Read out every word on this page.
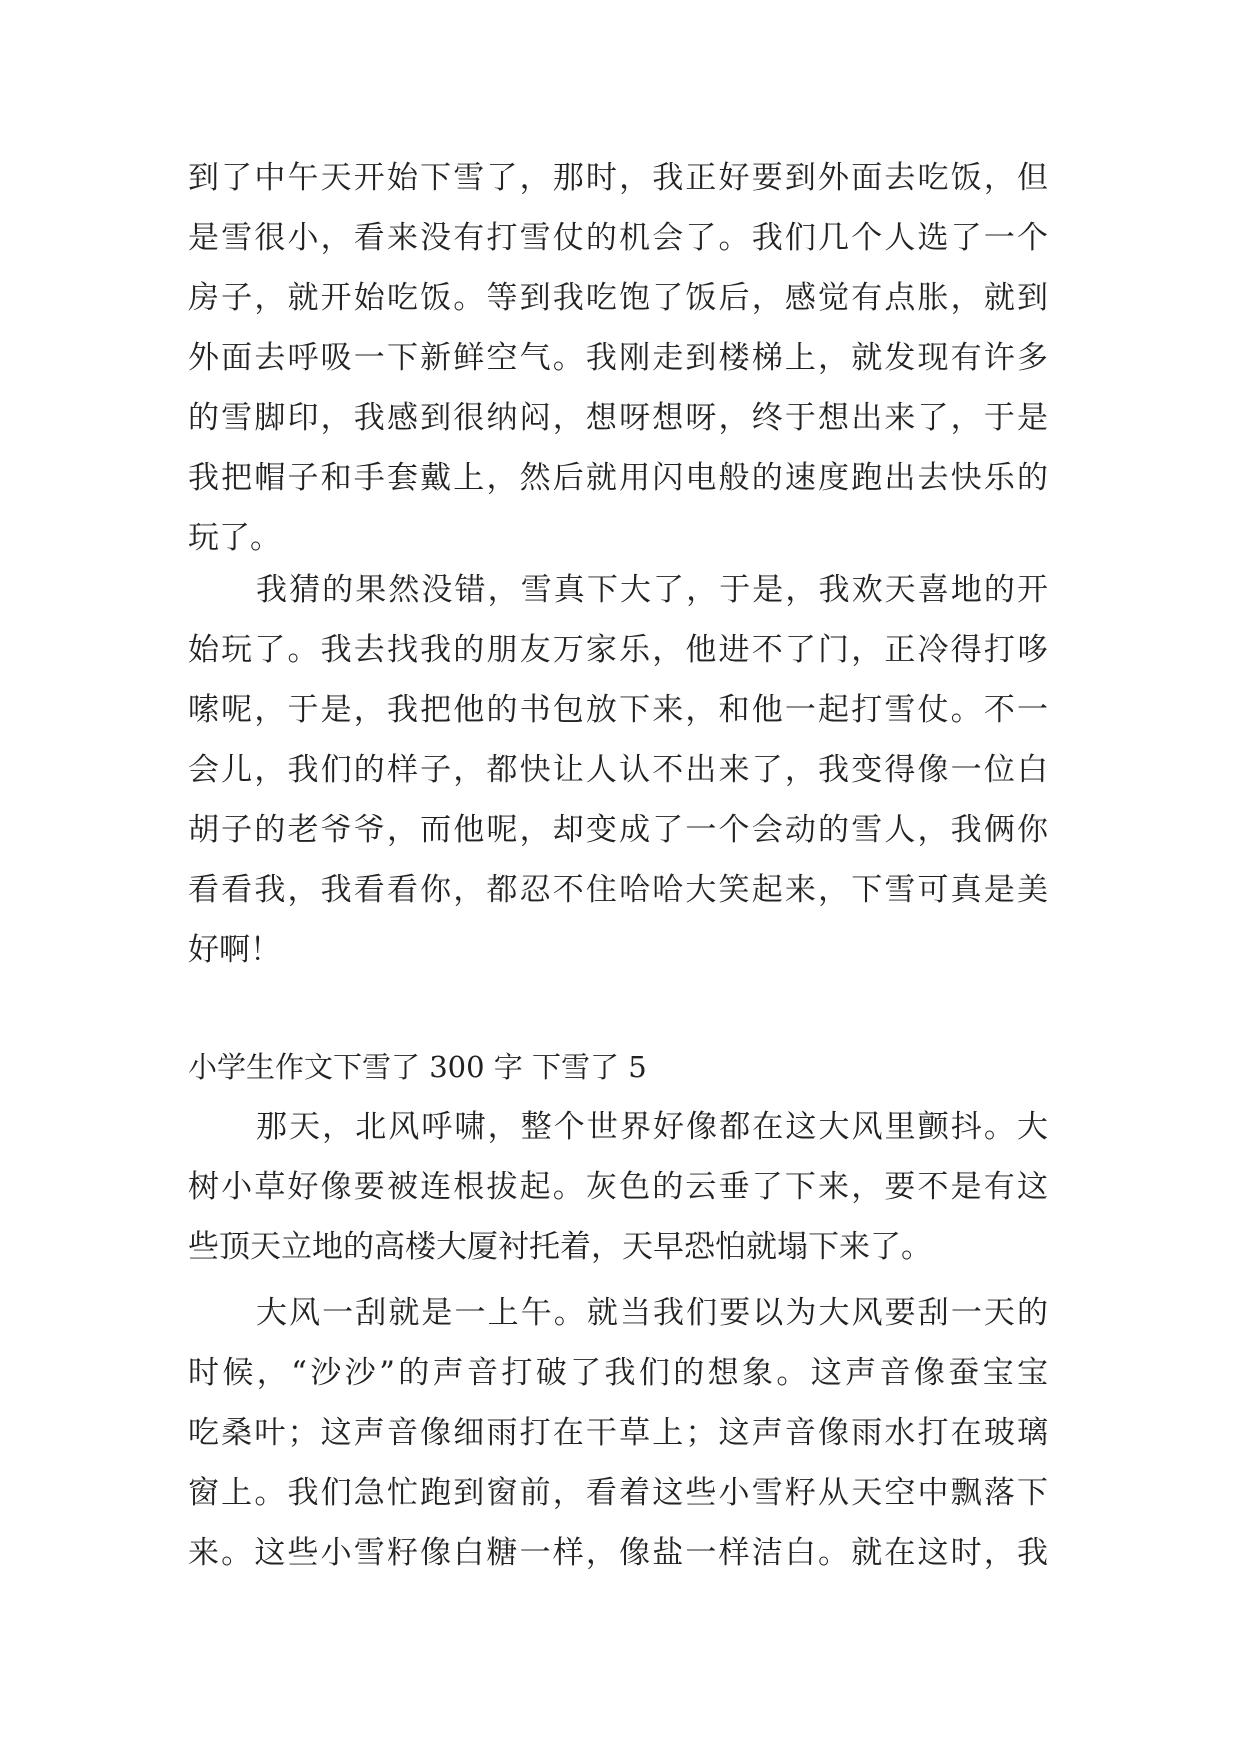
到了中午天开始下雪了，那时，我正好要到外面去吃饭，但
是雪很小，看来没有打雪仗的机会了。我们几个人选了一个
房子，就开始吃饭。等到我吃饱了饭后，感觉有点胀，就到
外面去呼吸一下新鲜空气。我刚走到楼梯上，就发现有许多
的雪脚印，我感到很纳闷，想呀想呀，终于想出来了，于是
我把帽子和手套戴上，然后就用闪电般的速度跑出去快乐的
玩了。
我猜的果然没错，雪真下大了，于是，我欢天喜地的开
始玩了。我去找我的朋友万家乐，他进不了门，正冷得打哆
嗦呢，于是，我把他的书包放下来，和他一起打雪仗。不一
会儿，我们的样子，都快让人认不出来了，我变得像一位白
胡子的老爷爷，而他呢，却变成了一个会动的雪人，我俩你
看看我，我看看你，都忍不住哈哈大笑起来，下雪可真是美
好啊！
小学生作文下雪了 300 字 下雪了 5
那天，北风呼啸，整个世界好像都在这大风里颤抖。大
树小草好像要被连根拔起。灰色的云垂了下来，要不是有这
些顶天立地的高楼大厦衬托着，天早恐怕就塌下来了。
大风一刮就是一上午。就当我们要以为大风要刮一天的
时候，“沙沙”的声音打破了我们的想象。这声音像蚕宝宝
吃桑叶；这声音像细雨打在干草上；这声音像雨水打在玻璃
窗上。我们急忙跑到窗前，看着这些小雪籽从天空中飘落下
来。这些小雪籽像白糖一样，像盐一样洁白。就在这时，我
